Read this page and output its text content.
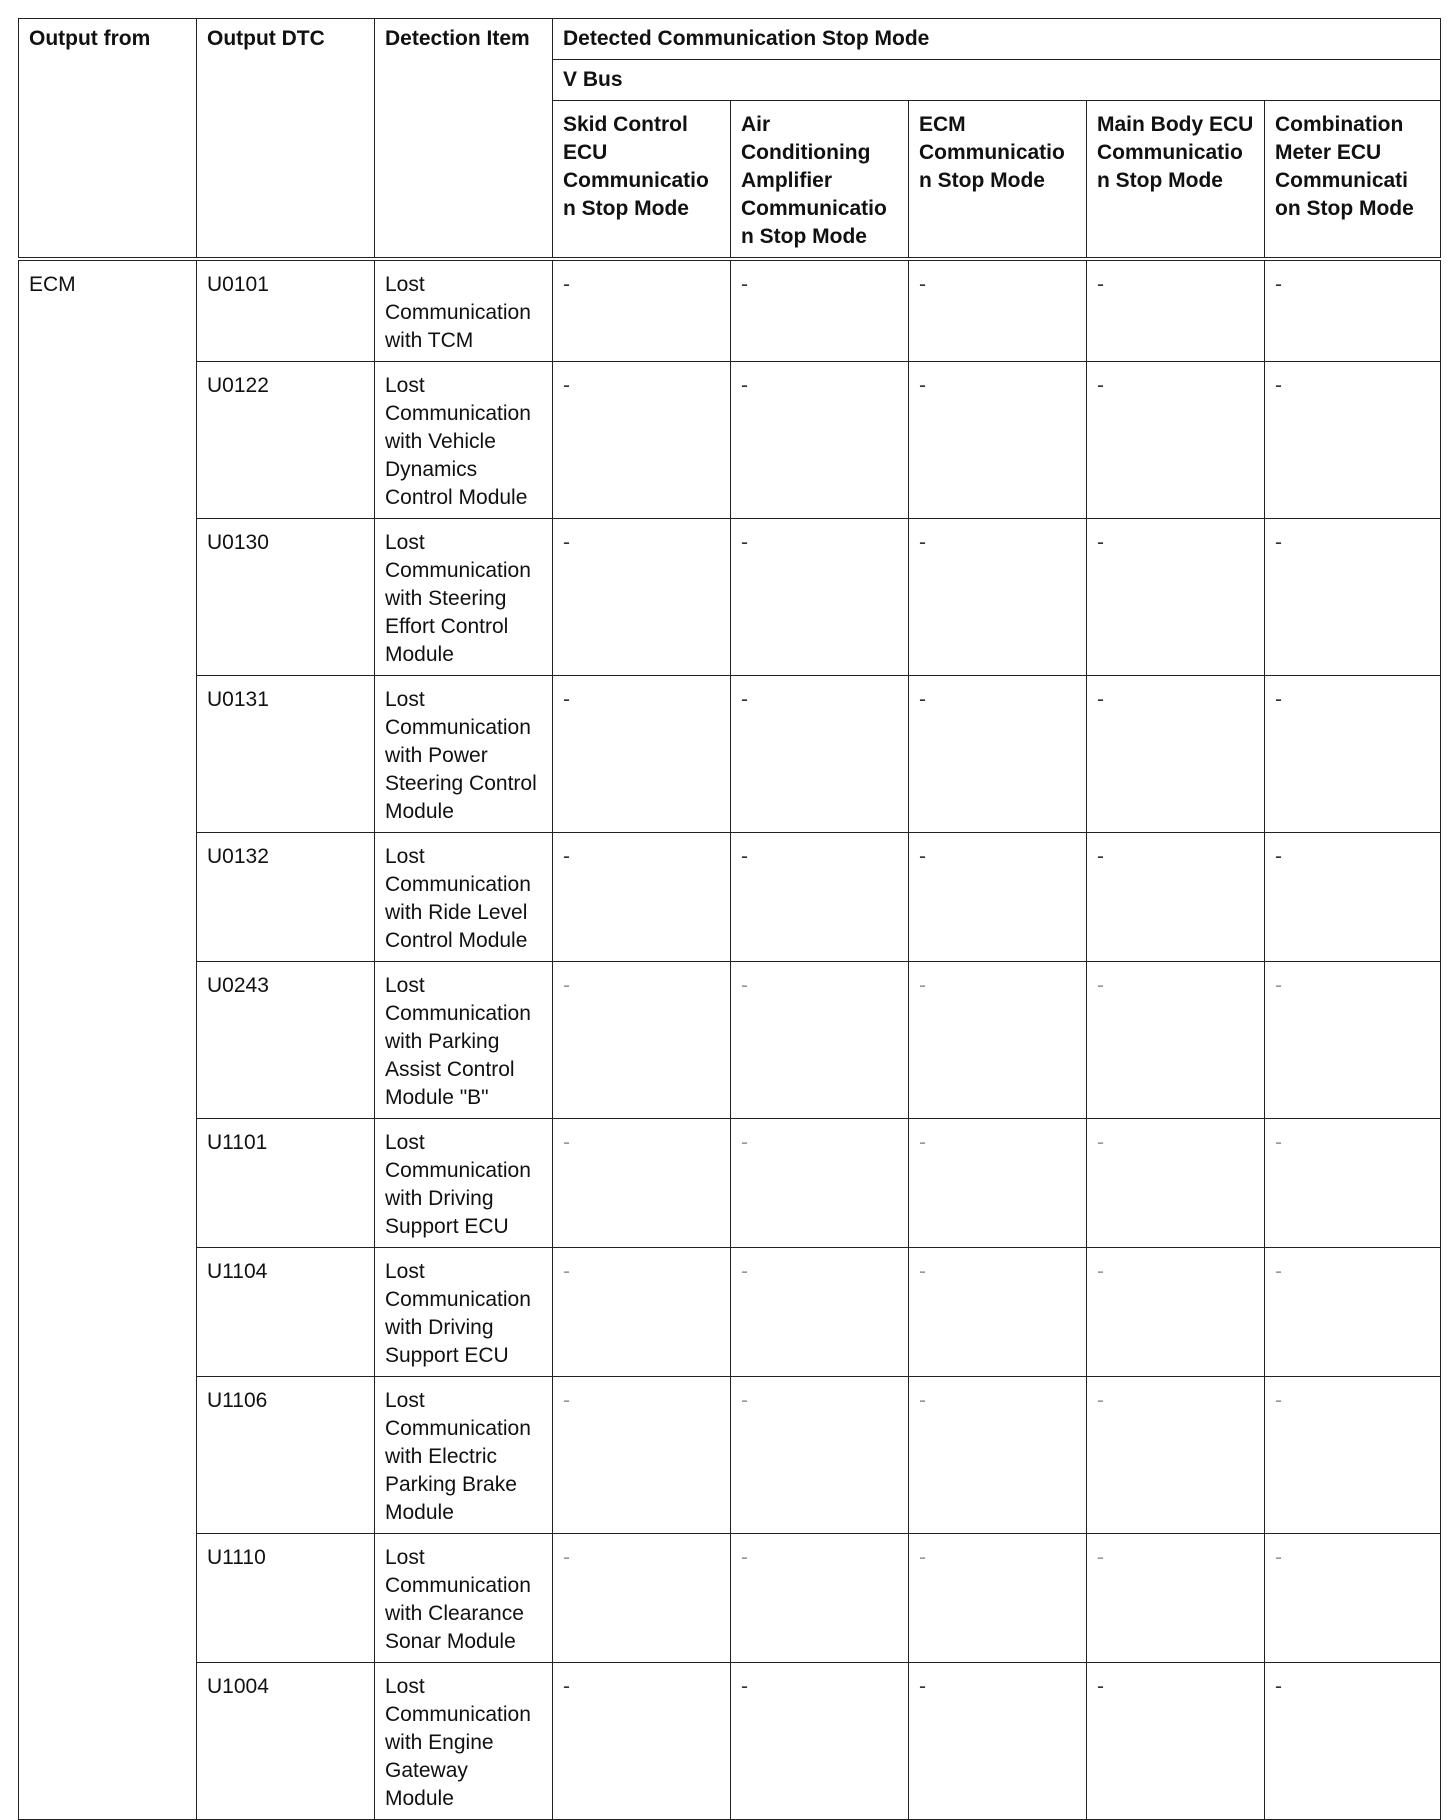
Output from	Output DTC	Detection Item	Detected Communication Stop Mode				
			V Bus				
			Skid Control ECU Communicatio n Stop Mode	Air Conditioning Amplifier Communicatio n Stop Mode	ECM Communicatio n Stop Mode	Main Body ECU Communicatio n Stop Mode	Combination Meter ECU Communicati on Stop Mode
ECM	U0101	Lost Communication with TCM	-	-	-	-	-
	U0122	Lost Communication with Vehicle Dynamics Control Module	-	-	-	-	-
	U0130	Lost Communication with Steering Effort Control Module	-	-	-	-	-
	U0131	Lost Communication with Power Steering Control Module	-	-	-	-	-
	U0132	Lost Communication with Ride Level Control Module	-	-	-	-	-
	U0243	Lost Communication with Parking Assist Control Module "B"	-	-	-	-	-
	U1101	Lost Communication with Driving Support ECU	-	-	-	-	-
	U1104	Lost Communication with Driving Support ECU	-	-	-	-	-
	U1106	Lost Communication with Electric Parking Brake Module	-	-	-	-	-
	U1110	Lost Communication with Clearance Sonar Module	-	-	-	-	-
	U1004	Lost Communication with Engine Gateway Module	-	-	-	-	-
